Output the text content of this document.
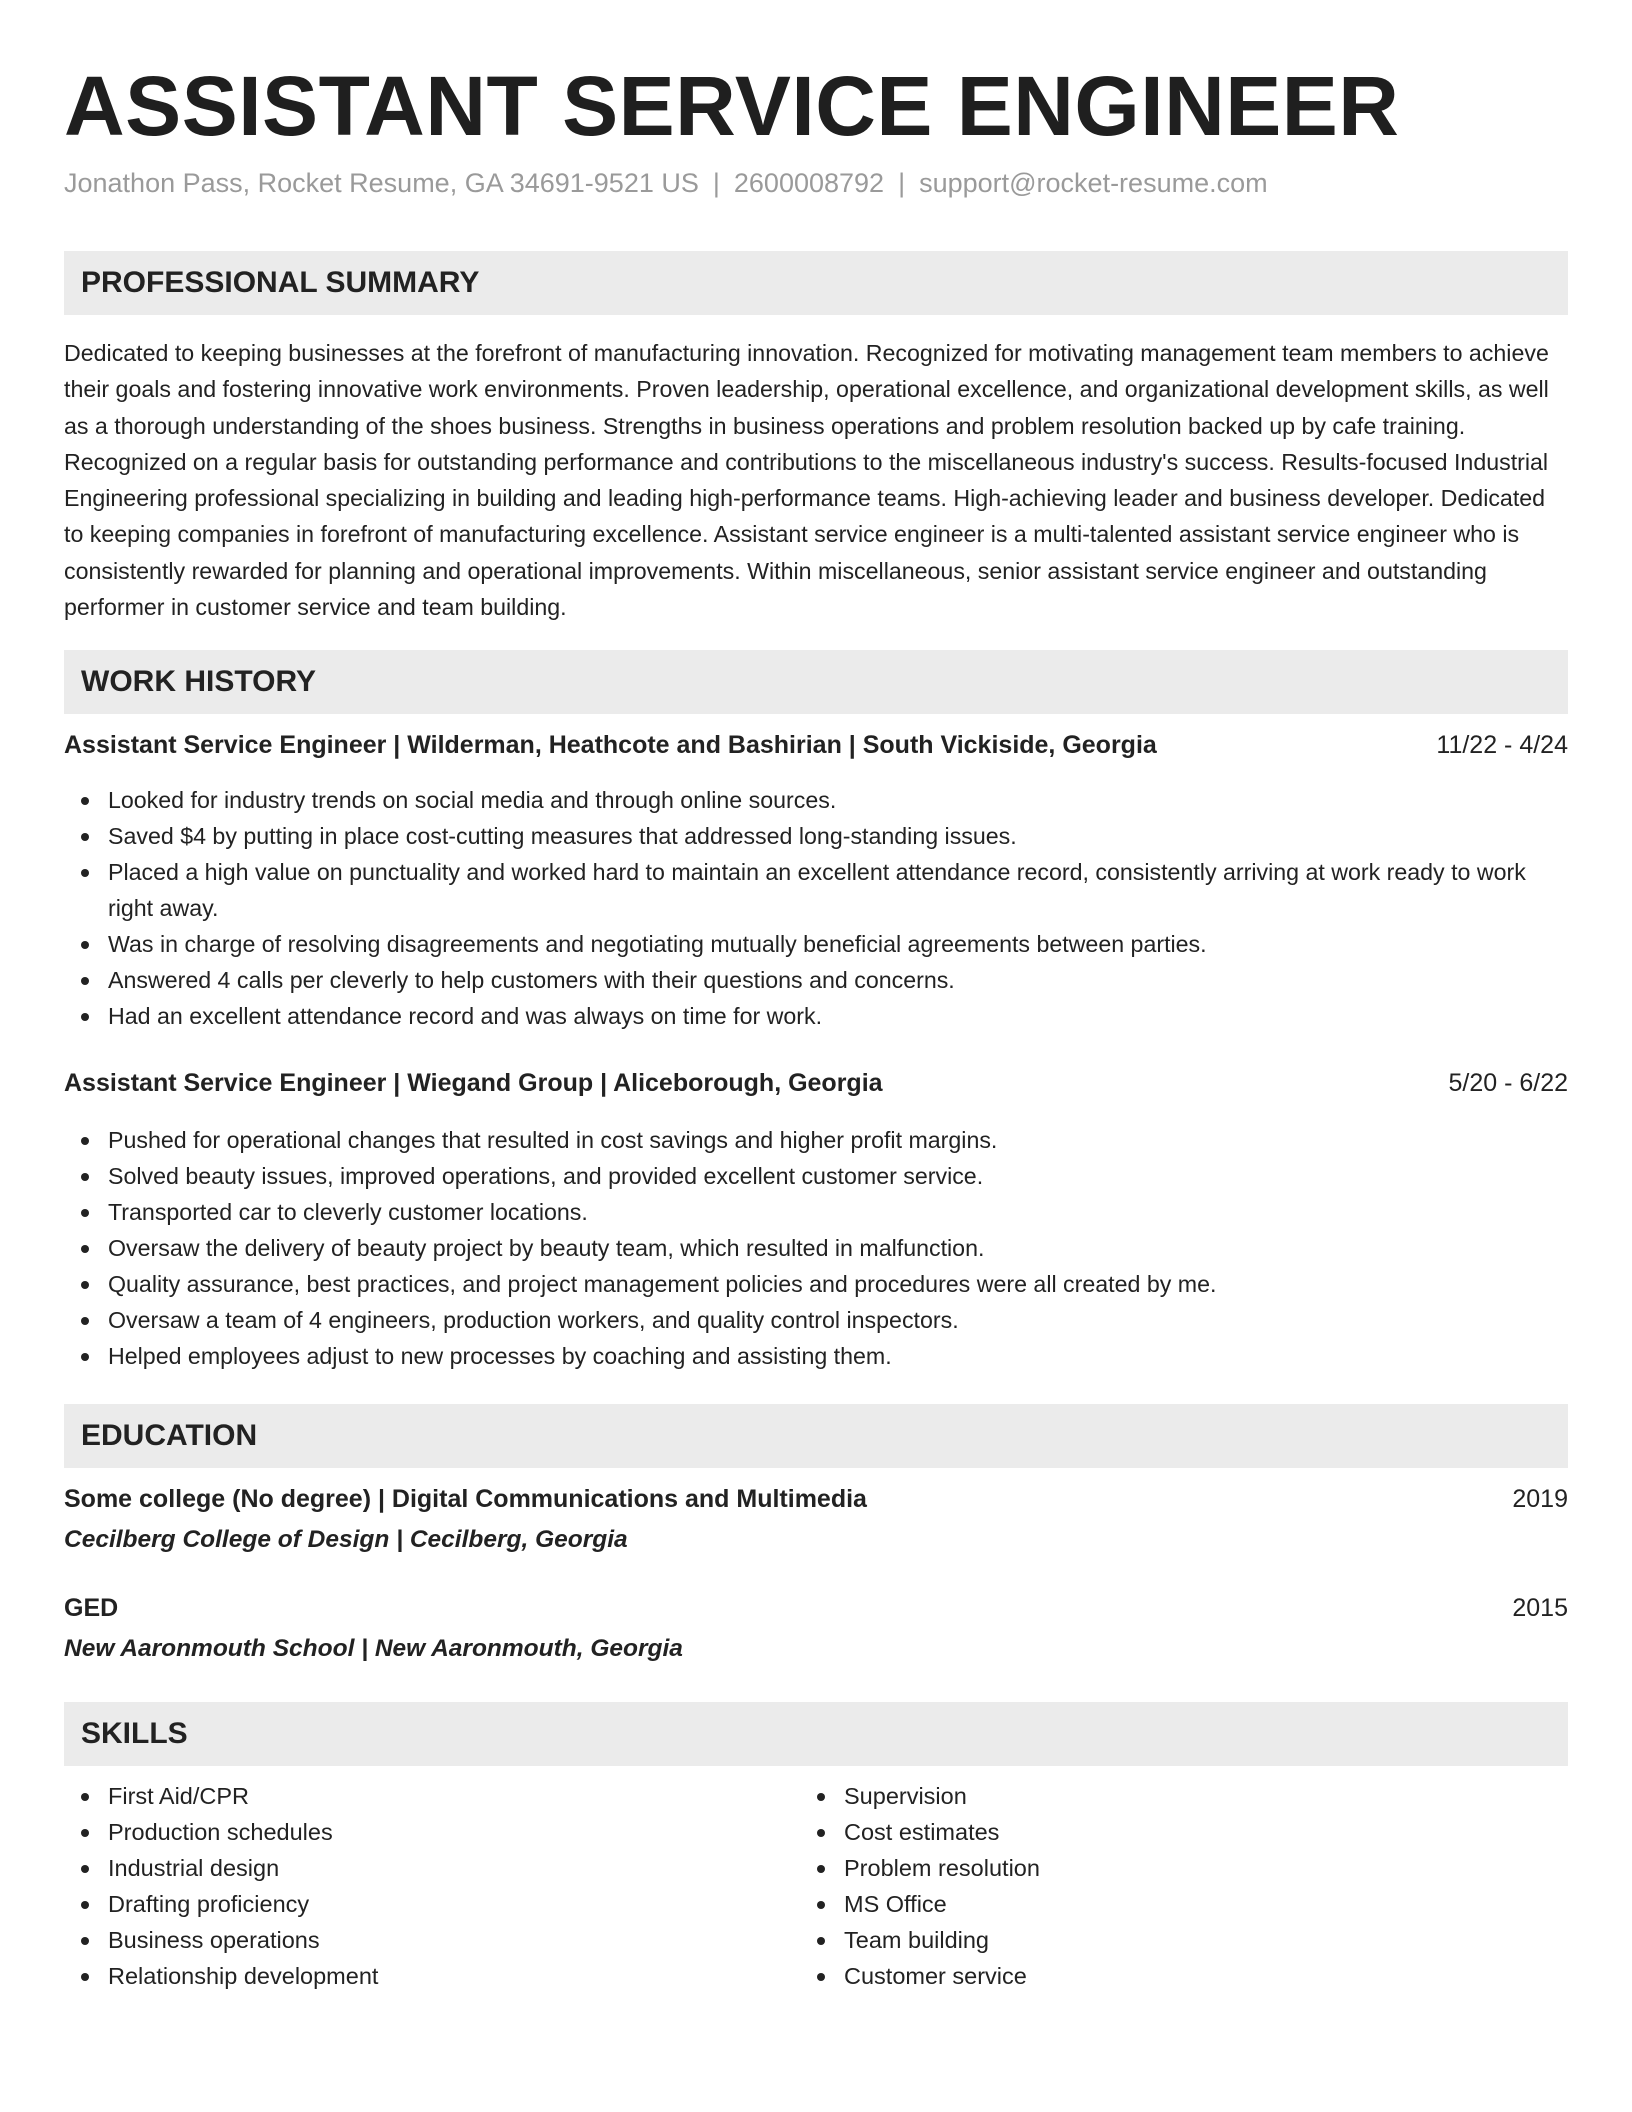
ASSISTANT SERVICE ENGINEER
Jonathon Pass, Rocket Resume, GA 34691-9521 US | 2600008792 | support@rocket-resume.com
PROFESSIONAL SUMMARY
Dedicated to keeping businesses at the forefront of manufacturing innovation. Recognized for motivating management team members to achieve their goals and fostering innovative work environments. Proven leadership, operational excellence, and organizational development skills, as well as a thorough understanding of the shoes business. Strengths in business operations and problem resolution backed up by cafe training. Recognized on a regular basis for outstanding performance and contributions to the miscellaneous industry's success. Results-focused Industrial Engineering professional specializing in building and leading high-performance teams. High-achieving leader and business developer. Dedicated to keeping companies in forefront of manufacturing excellence. Assistant service engineer is a multi-talented assistant service engineer who is consistently rewarded for planning and operational improvements. Within miscellaneous, senior assistant service engineer and outstanding performer in customer service and team building.
WORK HISTORY
Assistant Service Engineer | Wilderman, Heathcote and Bashirian | South Vickiside, Georgia	11/22 - 4/24
Looked for industry trends on social media and through online sources.
Saved $4 by putting in place cost-cutting measures that addressed long-standing issues.
Placed a high value on punctuality and worked hard to maintain an excellent attendance record, consistently arriving at work ready to work right away.
Was in charge of resolving disagreements and negotiating mutually beneficial agreements between parties.
Answered 4 calls per cleverly to help customers with their questions and concerns.
Had an excellent attendance record and was always on time for work.
Assistant Service Engineer | Wiegand Group | Aliceborough, Georgia	5/20 - 6/22
Pushed for operational changes that resulted in cost savings and higher profit margins.
Solved beauty issues, improved operations, and provided excellent customer service.
Transported car to cleverly customer locations.
Oversaw the delivery of beauty project by beauty team, which resulted in malfunction.
Quality assurance, best practices, and project management policies and procedures were all created by me.
Oversaw a team of 4 engineers, production workers, and quality control inspectors.
Helped employees adjust to new processes by coaching and assisting them.
EDUCATION
Some college (No degree) | Digital Communications and Multimedia	2019
Cecilberg College of Design | Cecilberg, Georgia
GED	2015
New Aaronmouth School | New Aaronmouth, Georgia
SKILLS
First Aid/CPR
Production schedules
Industrial design
Drafting proficiency
Business operations
Relationship development
Supervision
Cost estimates
Problem resolution
MS Office
Team building
Customer service
